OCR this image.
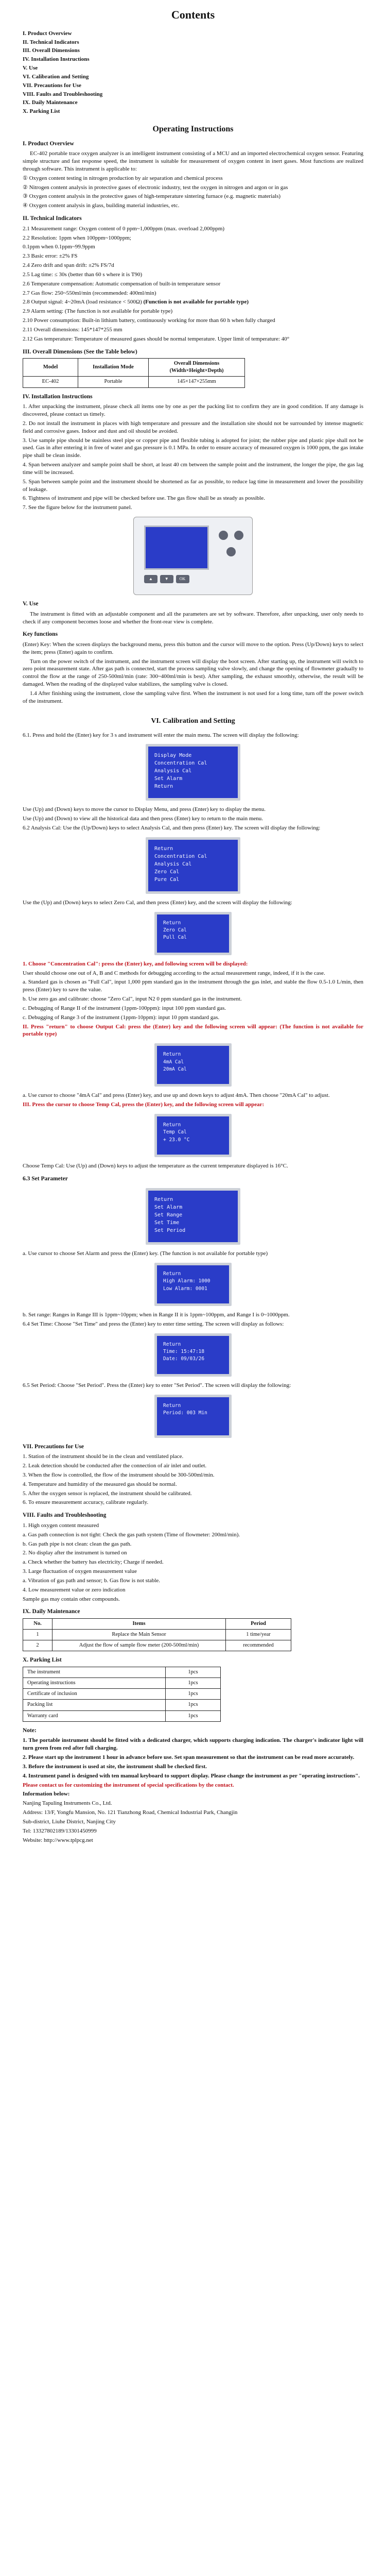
Contents
I. Product Overview
II. Technical Indicators
III. Overall Dimensions
IV. Installation Instructions
V. Use
VI. Calibration and Setting
VII. Precautions for Use
VIII. Faults and Troubleshooting
IX. Daily Maintenance
X. Parking List
Operating Instructions
I. Product Overview

EC-402 portable trace oxygen analyzer is an intelligent instrument consisting of a MCU and an imported electrochemical oxygen sensor. Featuring simple structure and fast response speed, the instrument is suitable for measurement of oxygen content in inert gases. Most functions are realized through software. This instrument is applicable to:

① Oxygen content testing in nitrogen production by air separation and chemical process

② Nitrogen content analysis in protective gases of electronic industry, test the oxygen in nitrogen and argon or in gas

③ Oxygen content analysis in the protective gases of high-temperature sintering furnace (e.g. magnetic materials)

④ Oxygen content analysis in glass, building material industries, etc.

II. Technical Indicators

2.1 Measurement range: Oxygen content of 0 ppm~1,000ppm (max. overload 2,000ppm)

2.2 Resolution: 1ppm when 100ppm~1000ppm;

0.1ppm when 0.1ppm~99.9ppm

2.3 Basic error: ±2% FS

2.4 Zero drift and span drift: ±2% FS/7d

2.5 Lag time: ≤ 30s (better than 60 s where it is T90)

2.6 Temperature compensation: Automatic compensation of built-in temperature sensor

2.7 Gas flow: 250~550ml/min (recommended: 400ml/min)

2.8 Output signal: 4~20mA (load resistance < 500Ω) (Function is not available for portable type)

2.9 Alarm setting: (The function is not available for portable type)

2.10 Power consumption: Built-in lithium battery, continuously working for more than 60 h when fully charged

2.11 Overall dimensions: 145*147*255 mm

2.12 Gas temperature: Temperature of measured gases should be normal temperature. Upper limit of temperature: 40°

III. Overall Dimensions (See the Table below)
Model	Installation Mode	Overall Dimensions (Width×Height×Depth)
EC-402	Portable	145×147×255mm
IV. Installation Instructions

1. After unpacking the instrument, please check all items one by one as per the packing list to confirm they are in good condition. If any damage is discovered, please contact us timely.

2. Do not install the instrument in places with high temperature and pressure and the installation site should not be surrounded by intense magnetic field and corrosive gases. Indoor and dust and oil should be avoided.

3. Use sample pipe should be stainless steel pipe or copper pipe and flexible tubing is adopted for joint; the rubber pipe and plastic pipe shall not be used. Gas in after entering it in free of water and gas pressure is 0.1 MPa. In order to ensure accuracy of measured oxygen is 1000 ppm, the gas intake pipe shall be clean inside.

4. Span between analyzer and sample point shall be short, at least 40 cm between the sample point and the instrument, the longer the pipe, the gas lag time will be increased.

5. Span between sample point and the instrument should be shortened as far as possible, to reduce lag time in measurement and lower the possibility of leakage.

6. Tightness of instrument and pipe will be checked before use. The gas flow shall be as steady as possible.

7. See the figure below for the instrument panel.

▲	▼	OK
V. Use

The instrument is fitted with an adjustable component and all the parameters are set by software. Therefore, after unpacking, user only needs to check if any component becomes loose and whether the front-rear view is complete.

Key functions

(Enter) Key: When the screen displays the background menu, press this button and the cursor will move to the option. Press (Up/Down) keys to select the item; press (Enter) again to confirm.

Turn on the power switch of the instrument, and the instrument screen will display the boot screen. After starting up, the instrument will switch to zero point measurement state. After gas path is connected, start the process sampling valve slowly, and change the opening of flowmeter gradually to control the flow at the range of 250-500ml/min (rate: 300~400ml/min is best). After sampling, the exhaust smoothly, otherwise, the result will be damaged. When the reading of the displayed value stabilizes, the sampling valve is closed.

1.4 After finishing using the instrument, close the sampling valve first. When the instrument is not used for a long time, turn off the power switch of the instrument.

VI. Calibration and Setting

6.1. Press and hold the (Enter) key for 3 s and instrument will enter the main menu. The screen will display the following:

Display Mode
Concentration Cal
Analysis Cal
Set Alarm
Return

Use (Up) and (Down) keys to move the cursor to Display Menu, and press (Enter) key to display the menu.

Use (Up) and (Down) to view all the historical data and then press (Enter) key to return to the main menu.

6.2 Analysis Cal: Use the (Up/Down) keys to select Analysis Cal, and then press (Enter) key. The screen will display the following:

Return
Concentration Cal
Analysis Cal
Zero Cal
Pure Cal

Use the (Up) and (Down) keys to select Zero Cal, and then press (Enter) key, and the screen will display the following:

Return
Zero Cal
Pull Cal

1. Choose "Concentration Cal": press the (Enter) key, and following screen will be displayed:

User should choose one out of A, B and C methods for debugging according to the actual measurement range, indeed, if it is the case.

a. Standard gas is chosen as "Full Cal", input 1,000 ppm standard gas in the instrument through the gas inlet, and stable the flow 0.5-1.0 L/min, then press (Enter) key to save the value.

b. Use zero gas and calibrate: choose "Zero Cal", input N2 0 ppm standard gas in the instrument.

c. Debugging of Range II of the instrument (1ppm-100ppm): input 100 ppm standard gas.

c. Debugging of Range 3 of the instrument (1ppm-10ppm): input 10 ppm standard gas.

II. Press "return" to choose Output Cal: press the (Enter) key and the following screen will appear: (The function is not available for portable type)

Return
4mA Cal
20mA Cal

a. Use cursor to choose "4mA Cal" and press (Enter) key, and use up and down keys to adjust 4mA. Then choose "20mA Cal" to adjust.

III. Press the cursor to choose Temp Cal, press the (Enter) key, and the following screen will appear:

Return
Temp Cal
+ 23.0 °C

Choose Temp Cal: Use (Up) and (Down) keys to adjust the temperature as the current temperature displayed is 16°C.

6.3 Set Parameter
Return
Set Alarm
Set Range
Set Time
Set Period

a. Use cursor to choose Set Alarm and press the (Enter) key. (The function is not available for portable type)

Return
High Alarm: 1000
Low Alarm: 0001

b. Set range: Ranges in Range III is 1ppm~10ppm; when in Range II it is 1ppm~100ppm, and Range I is 0~1000ppm.

6.4 Set Time: Choose "Set Time" and press the (Enter) key to enter time setting. The screen will display as follows:

Return
Time: 15:47:18
Date: 09/03/26

6.5 Set Period: Choose "Set Period". Press the (Enter) key to enter "Set Period". The screen will display the following:

Return
Period: 003 Min
VII. Precautions for Use

1. Station of the instrument should be in the clean and ventilated place.

2. Leak detection should be conducted after the connection of air inlet and outlet.

3. When the flow is controlled, the flow of the instrument should be 300-500ml/min.

4. Temperature and humidity of the measured gas should be normal.

5. After the oxygen sensor is replaced, the instrument should be calibrated.

6. To ensure measurement accuracy, calibrate regularly.

VIII. Faults and Troubleshooting

1. High oxygen content measured

a. Gas path connection is not tight: Check the gas path system (Time of flowmeter: 200ml/min).

b. Gas path pipe is not clean: clean the gas path.

2. No display after the instrument is turned on

a. Check whether the battery has electricity; Charge if needed.

3. Large fluctuation of oxygen measurement value

a. Vibration of gas path and sensor; b. Gas flow is not stable.

4. Low measurement value or zero indication

Sample gas may contain other compounds.

IX. Daily Maintenance
No.	Items	Period
1	Replace the Main Sensor	1 time/year
2	Adjust the flow of sample flow meter (200-500ml/min)	recommended
X. Parking List
The instrument	1pcs
Operating instructions	1pcs
Certificate of inclusion	1pcs
Packing list	1pcs
Warranty card	1pcs
Note:

1. The portable instrument should be fitted with a dedicated charger, which supports charging indication. The charger's indicator light will turn green from red after full charging.

2. Please start up the instrument 1 hour in advance before use. Set span measurement so that the instrument can be read more accurately.

3. Before the instrument is used at site, the instrument shall be checked first.

4. Instrument panel is designed with ten manual keyboard to support display. Please change the instrument as per "operating instructions".

Please contact us for customizing the instrument of special specifications by the contact.

Information below:

Nanjing Tapuling Instruments Co., Ltd.

Address: 13/F, Yongfu Mansion, No. 121 Tianzhong Road, Chemical Industrial Park, Changjin

Sub-district, Liuhe District, Nanjing City

Tel: 13327802189/13301450999

Website: http://www.tplpcg.net
